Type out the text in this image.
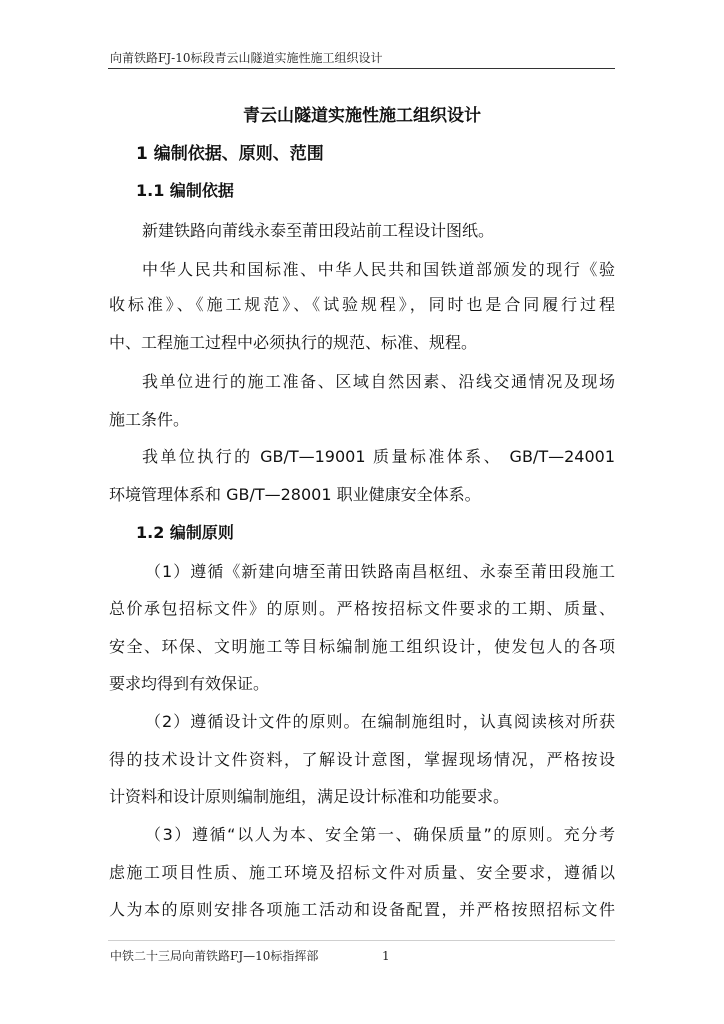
向莆铁路FJ-10标段青云山隧道实施性施工组织设计
青云山隧道实施性施工组织设计
1 编制依据、原则、范围
1.1 编制依据
新建铁路向莆线永泰至莆田段站前工程设计图纸。
中华人民共和国标准、中华人民共和国铁道部颁发的现行《验
收标准》、《施工规范》、《试验规程》，同时也是合同履行过程
中、工程施工过程中必须执行的规范、标准、规程。
我单位进行的施工准备、区域自然因素、沿线交通情况及现场
施工条件。
我单位执行的 GB/T—19001 质量标准体系、 GB/T—24001
环境管理体系和 GB/T—28001 职业健康安全体系。
1.2 编制原则
（1）遵循《新建向塘至莆田铁路南昌枢纽、永泰至莆田段施工
总价承包招标文件》的原则。严格按招标文件要求的工期、质量、
安全、环保、文明施工等目标编制施工组织设计，使发包人的各项
要求均得到有效保证。
（2）遵循设计文件的原则。在编制施组时，认真阅读核对所获
得的技术设计文件资料，了解设计意图，掌握现场情况，严格按设
计资料和设计原则编制施组，满足设计标准和功能要求。
（3）遵循“以人为本、安全第一、确保质量”的原则。充分考
虑施工项目性质、施工环境及招标文件对质量、安全要求，遵循以
人为本的原则安排各项施工活动和设备配置，并严格按照招标文件
中铁二十三局向莆铁路FJ—10标指挥部	1
